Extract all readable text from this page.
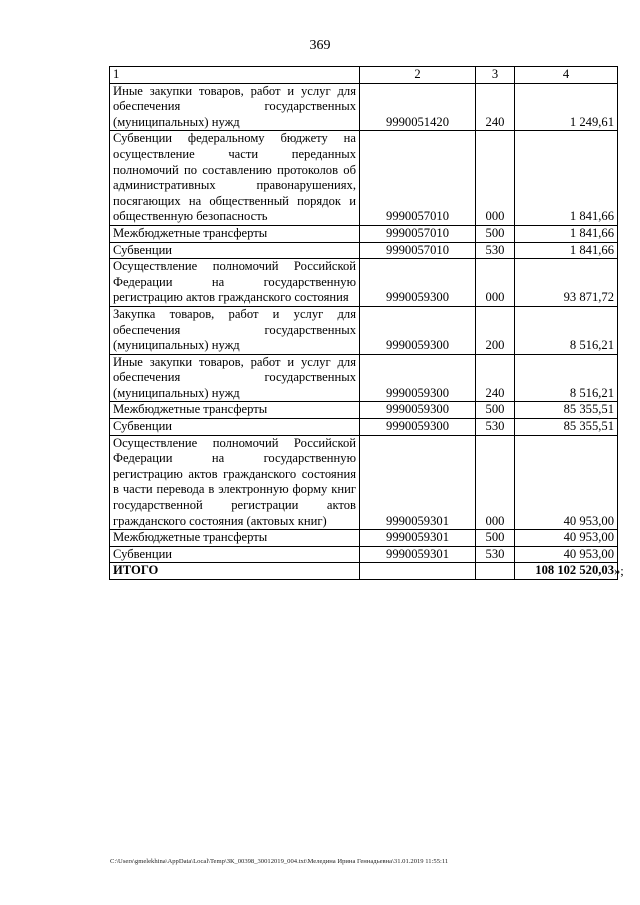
369
1	2	3	4
Иные закупки товаров, работ и услуг для обеспечения государственных (муниципальных) нужд	9990051420	240	1 249,61
Субвенции федеральному бюджету на осуществление части переданных полномочий по составлению протоколов об административных правонарушениях, посягающих на общественный порядок и общественную безопасность	9990057010	000	1 841,66
Межбюджетные трансферты	9990057010	500	1 841,66
Субвенции	9990057010	530	1 841,66
Осуществление полномочий Российской Федерации на государственную регистрацию актов гражданского состояния	9990059300	000	93 871,72
Закупка товаров, работ и услуг для обеспечения государственных (муниципальных) нужд	9990059300	200	8 516,21
Иные закупки товаров, работ и услуг для обеспечения государственных (муниципальных) нужд	9990059300	240	8 516,21
Межбюджетные трансферты	9990059300	500	85 355,51
Субвенции	9990059300	530	85 355,51
Осуществление полномочий Российской Федерации на государственную регистрацию актов гражданского состояния в части перевода в электронную форму книг государственной регистрации актов гражданского состояния (актовых книг)	9990059301	000	40 953,00
Межбюджетные трансферты	9990059301	500	40 953,00
Субвенции	9990059301	530	40 953,00
ИТОГО			108 102 520,03 »;
C:\Users\gmelekhina\AppData\Local\Temp\ЗК_00398_30012019_004.txt\Меледина Ирина Геннадьевна\31.01.2019 11:55:11
